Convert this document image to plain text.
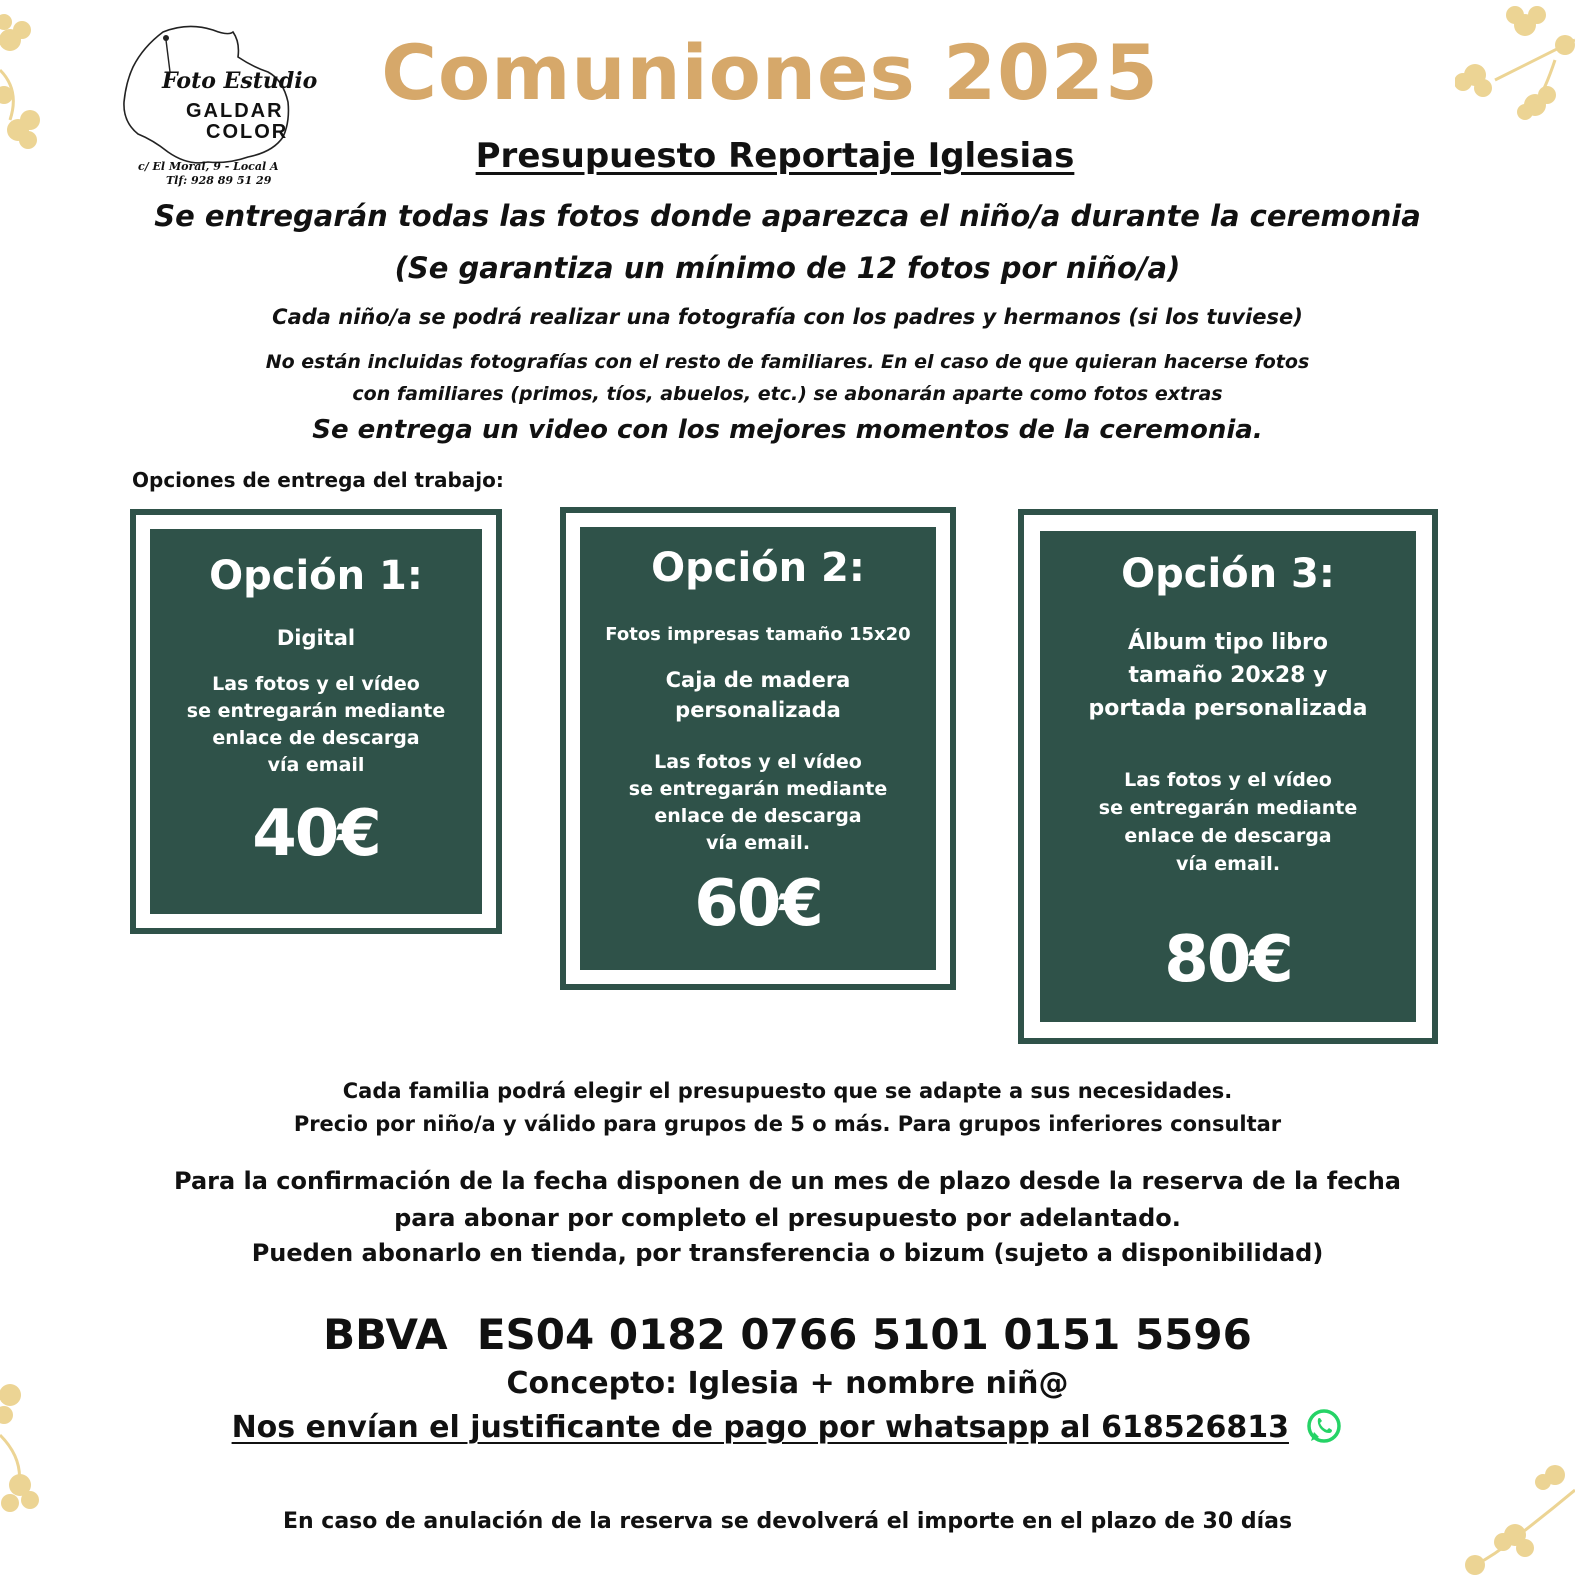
Foto Estudio
GALDAR
COLOR
c/ El Moral, 9 - Local A
Tlf: 928 89 51 29
Comuniones 2025
Presupuesto Reportaje Iglesias
Se entregarán todas las fotos donde aparezca el niño/a durante la ceremonia
(Se garantiza un mínimo de 12 fotos por niño/a)
Cada niño/a se podrá realizar una fotografía con los padres y hermanos (si los tuviese)
No están incluidas fotografías con el resto de familiares. En el caso de que quieran hacerse fotos
con familiares (primos, tíos, abuelos, etc.) se abonarán aparte como fotos extras
Se entrega un video con los mejores momentos de la ceremonia.
Opciones de entrega del trabajo:
Opción 1:
Digital
Las fotos y el vídeo
se entregarán mediante
enlace de descarga
vía email
40€
Opción 2:
Fotos impresas tamaño 15x20
Caja de madera
personalizada
Las fotos y el vídeo
se entregarán mediante
enlace de descarga
vía email.
60€
Opción 3:
Álbum tipo libro
tamaño 20x28 y
portada personalizada
Las fotos y el vídeo
se entregarán mediante
enlace de descarga
vía email.
80€
Cada familia podrá elegir el presupuesto que se adapte a sus necesidades.
Precio por niño/a y válido para grupos de 5 o más. Para grupos inferiores consultar
Para la confirmación de la fecha disponen de un mes de plazo desde la reserva de la fecha
para abonar por completo el presupuesto por adelantado.
Pueden abonarlo en tienda, por transferencia o bizum (sujeto a disponibilidad)
BBVA  ES04 0182 0766 5101 0151 5596
Concepto: Iglesia + nombre niñ@
Nos envían el justificante de pago por whatsapp al 618526813
En caso de anulación de la reserva se devolverá el importe en el plazo de 30 días
